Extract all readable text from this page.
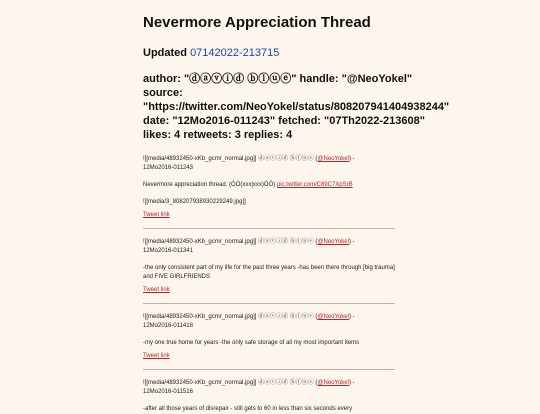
Nevermore Appreciation Thread
Updated 07142022-213715
author: "ⓓⓐⓥⓘⓓ ⓑⓛⓤⓔ" handle: "@NeoYokel" source: "https://twitter.com/NeoYokel/status/808207941404938244" date: "12Mo2016-011243" fetched: "07Th2022-213608" likes: 4 retweets: 3 replies: 4

![[media/48932450-xKb_gcmr_normal.jpg]] ⓓⓐⓥⓘⓓ ⓑⓛⓤⓔ (@NeoYokel) -

12Mo2016-011243

Nevermore appreciation thread. (ÒÓ(xxx|xxx)ÒÓ) pic.twitter.com/C89C7XpSrB

![[media/3_808207938930229249.jpg]]

Tweet link

![[media/48932450-xKb_gcmr_normal.jpg]] ⓓⓐⓥⓘⓓ ⓑⓛⓤⓔ (@NeoYokel) -

12Mo2016-011341

-the only consistent part of my life for the past three years -has been there through [big trauma] and FIVE GIRLFRIENDS

Tweet link

![[media/48932450-xKb_gcmr_normal.jpg]] ⓓⓐⓥⓘⓓ ⓑⓛⓤⓔ (@NeoYokel) -

12Mo2016-011418

-my one true home for years -the only safe storage of all my most important items

Tweet link

![[media/48932450-xKb_gcmr_normal.jpg]] ⓓⓐⓥⓘⓓ ⓑⓛⓤⓔ (@NeoYokel) -

12Mo2016-011516

-after all those years of disrepair - still gets to 60 in less than six seconds every
